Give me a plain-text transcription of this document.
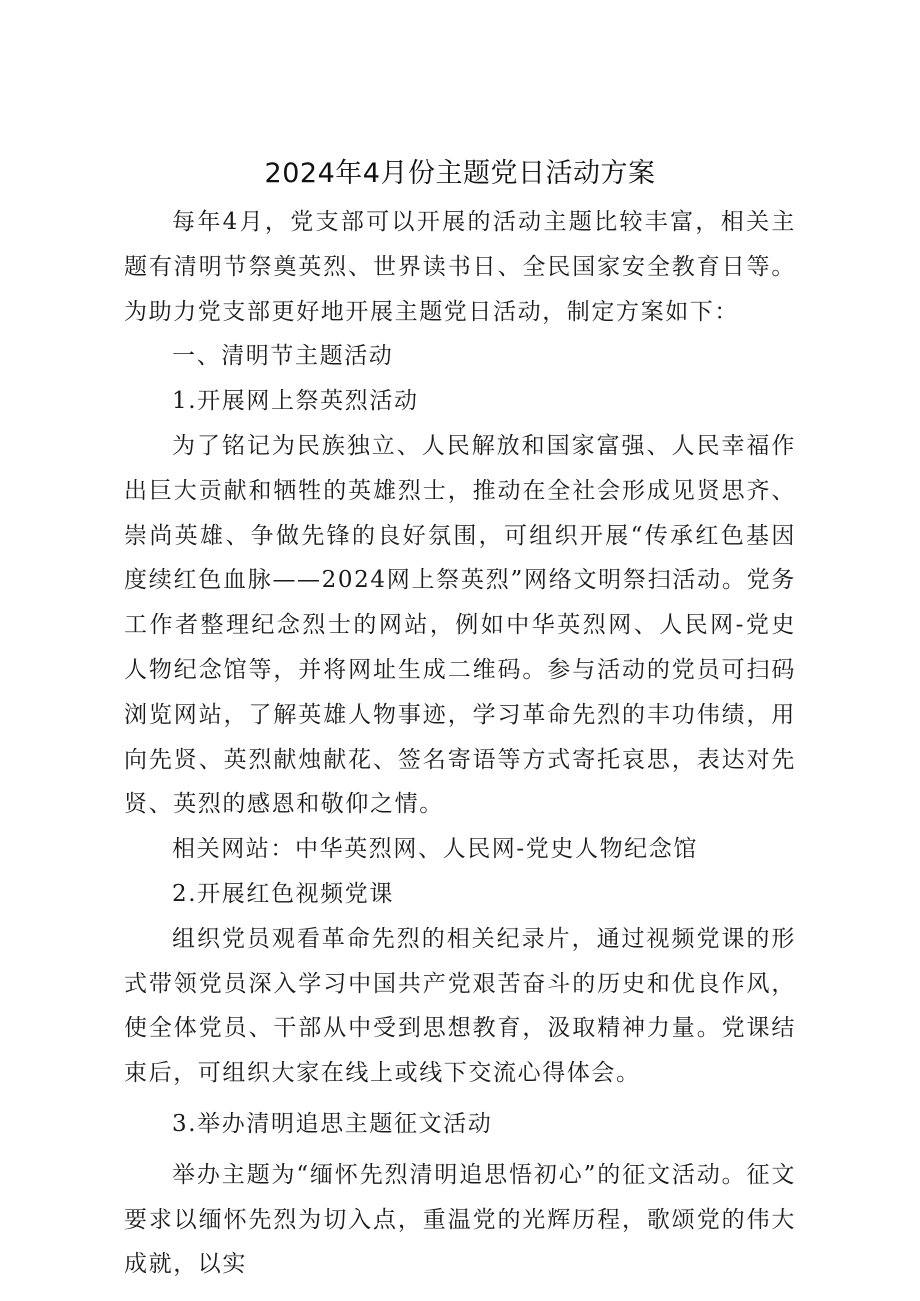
2024年4月份主题党日活动方案

每年4月，党支部可以开展的活动主题比较丰富，相关主题有清明节祭奠英烈、世界读书日、全民国家安全教育日等。为助力党支部更好地开展主题党日活动，制定方案如下：

一、清明节主题活动

1.开展网上祭英烈活动

为了铭记为民族独立、人民解放和国家富强、人民幸福作出巨大贡献和牺牲的英雄烈士，推动在全社会形成见贤思齐、崇尚英雄、争做先锋的良好氛围，可组织开展“传承红色基因度续红色血脉——2024网上祭英烈”网络文明祭扫活动。党务工作者整理纪念烈士的网站，例如中华英烈网、人民网-党史人物纪念馆等，并将网址生成二维码。参与活动的党员可扫码浏览网站，了解英雄人物事迹，学习革命先烈的丰功伟绩，用向先贤、英烈献烛献花、签名寄语等方式寄托哀思，表达对先贤、英烈的感恩和敬仰之情。

相关网站：中华英烈网、人民网-党史人物纪念馆

2.开展红色视频党课

组织党员观看革命先烈的相关纪录片，通过视频党课的形式带领党员深入学习中国共产党艰苦奋斗的历史和优良作风，使全体党员、干部从中受到思想教育，汲取精神力量。党课结束后，可组织大家在线上或线下交流心得体会。

3.举办清明追思主题征文活动

举办主题为“缅怀先烈清明追思悟初心”的征文活动。征文要求以缅怀先烈为切入点，重温党的光辉历程，歌颂党的伟大成就，以实
